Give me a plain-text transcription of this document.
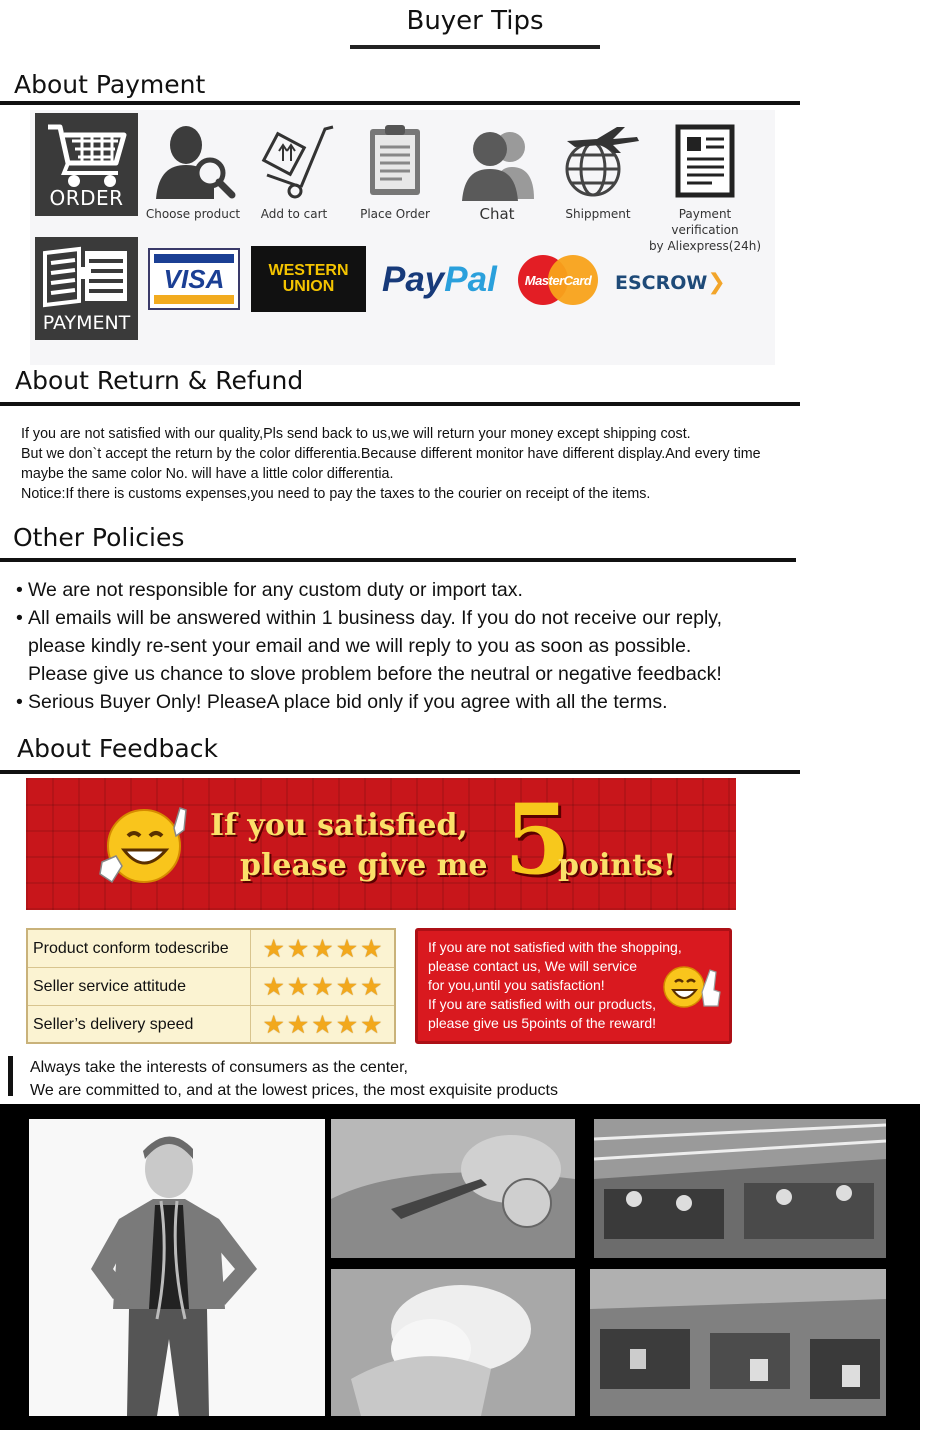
Buyer Tips
About Payment
ORDER
Choose product	Add to cart	Place Order	Chat	Shippment	Payment verification
by Aliexpress(24h)
PAYMENT
VISA	WESTERN
UNION	Pay Pal MasterCard ESCROW ❯
About Return & Refund
If you are not satisfied with our quality,Pls send back to us,we will return your money except shipping cost.
But we don`t accept the return by the color differentia.Because different monitor have different display.And every time
maybe the same color No. will have a little color differentia.
Notice:If there is customs expenses,you need to pay the taxes to the courier on receipt of the items.
Other Policies
• We are not responsible for any custom duty or import tax.
• All emails will be answered within 1 business day. If you do not receive our reply,
please kindly re-sent your email and we will reply to you as soon as possible.
Please give us chance to slove problem before the neutral or negative feedback!
• Serious Buyer Only! PleaseA place bid only if you agree with all the terms.
About Feedback
If you satisfied,
please give me 5
points!
Product conform todescribe ★ ★ ★ ★ ★
Seller service attitude	★ ★ ★ ★ ★
Seller’s delivery speed	★ ★ ★ ★ ★
If you are not satisfied with the shopping,
please contact us, We will service
for you,until you satisfaction!
If you are satisfied with our products,
please give us 5points of the reward!
Always take the interests of consumers as the center,
We are committed to, and at the lowest prices, the most exquisite products
